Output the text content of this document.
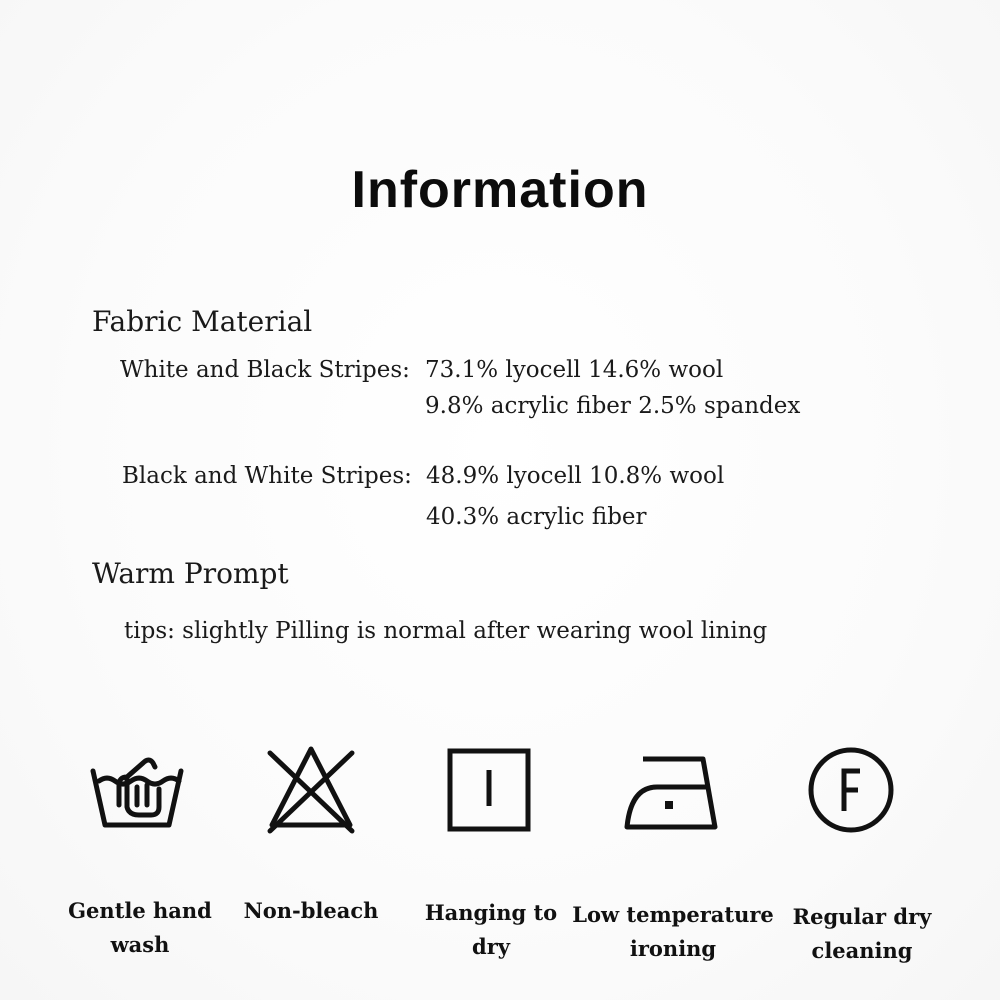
Information
Fabric Material
White and Black Stripes: 73.1% lyocell 14.6% wool
9.8% acrylic fiber 2.5% spandex
Black and White Stripes: 48.9% lyocell 10.8% wool
40.3% acrylic fiber
Warm Prompt
tips: slightly Pilling is normal after wearing wool lining
Gentle hand
wash
Non-bleach	Hanging to
dry
Low temperature
ironing
Regular dry
cleaning
